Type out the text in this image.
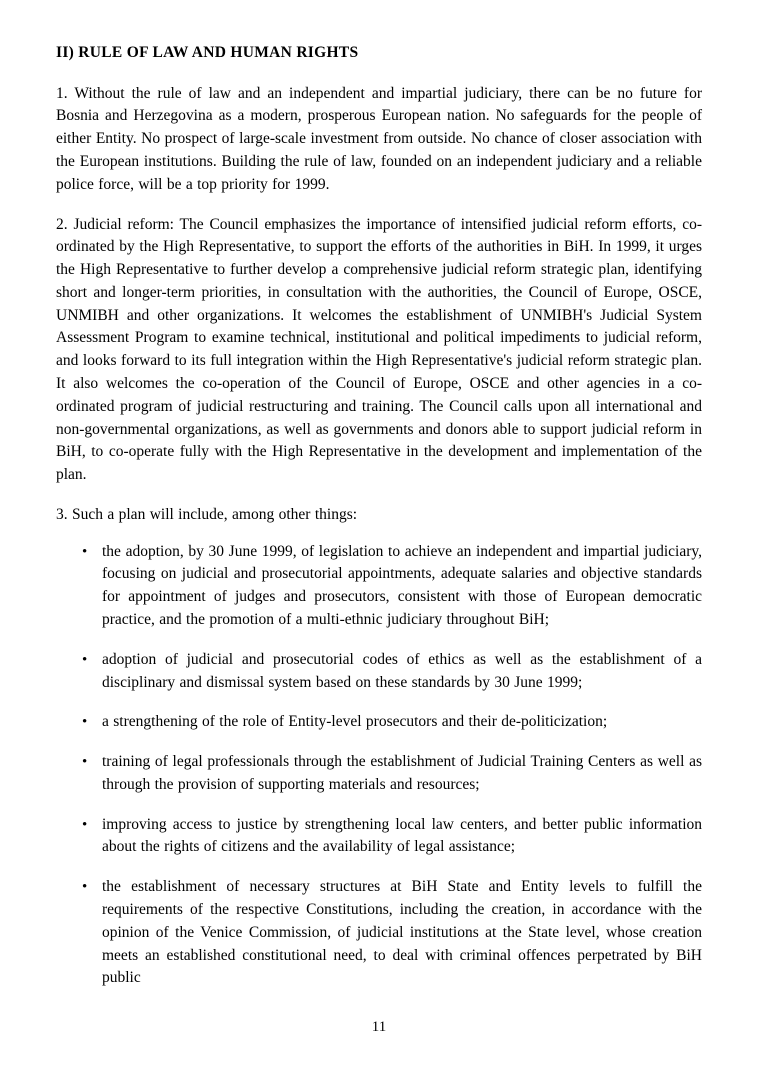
II) RULE OF LAW AND HUMAN RIGHTS

1. Without the rule of law and an independent and impartial judiciary, there can be no future for Bosnia and Herzegovina as a modern, prosperous European nation. No safeguards for the people of either Entity. No prospect of large-scale investment from outside. No chance of closer association with the European institutions. Building the rule of law, founded on an independent judiciary and a reliable police force, will be a top priority for 1999.

2. Judicial reform: The Council emphasizes the importance of intensified judicial reform efforts, co-ordinated by the High Representative, to support the efforts of the authorities in BiH. In 1999, it urges the High Representative to further develop a comprehensive judicial reform strategic plan, identifying short and longer-term priorities, in consultation with the authorities, the Council of Europe, OSCE, UNMIBH and other organizations. It welcomes the establishment of UNMIBH's Judicial System Assessment Program to examine technical, institutional and political impediments to judicial reform, and looks forward to its full integration within the High Representative's judicial reform strategic plan. It also welcomes the co-operation of the Council of Europe, OSCE and other agencies in a co-ordinated program of judicial restructuring and training. The Council calls upon all international and non-governmental organizations, as well as governments and donors able to support judicial reform in BiH, to co-operate fully with the High Representative in the development and implementation of the plan.

3. Such a plan will include, among other things:

• the adoption, by 30 June 1999, of legislation to achieve an independent and impartial judiciary, focusing on judicial and prosecutorial appointments, adequate salaries and objective standards for appointment of judges and prosecutors, consistent with those of European democratic practice, and the promotion of a multi-ethnic judiciary throughout BiH;
• adoption of judicial and prosecutorial codes of ethics as well as the establishment of a disciplinary and dismissal system based on these standards by 30 June 1999;
• a strengthening of the role of Entity-level prosecutors and their de-politicization;
• training of legal professionals through the establishment of Judicial Training Centers as well as through the provision of supporting materials and resources;
• improving access to justice by strengthening local law centers, and better public information about the rights of citizens and the availability of legal assistance;
• the establishment of necessary structures at BiH State and Entity levels to fulfill the requirements of the respective Constitutions, including the creation, in accordance with the opinion of the Venice Commission, of judicial institutions at the State level, whose creation meets an established constitutional need, to deal with criminal offences perpetrated by BiH public
11
